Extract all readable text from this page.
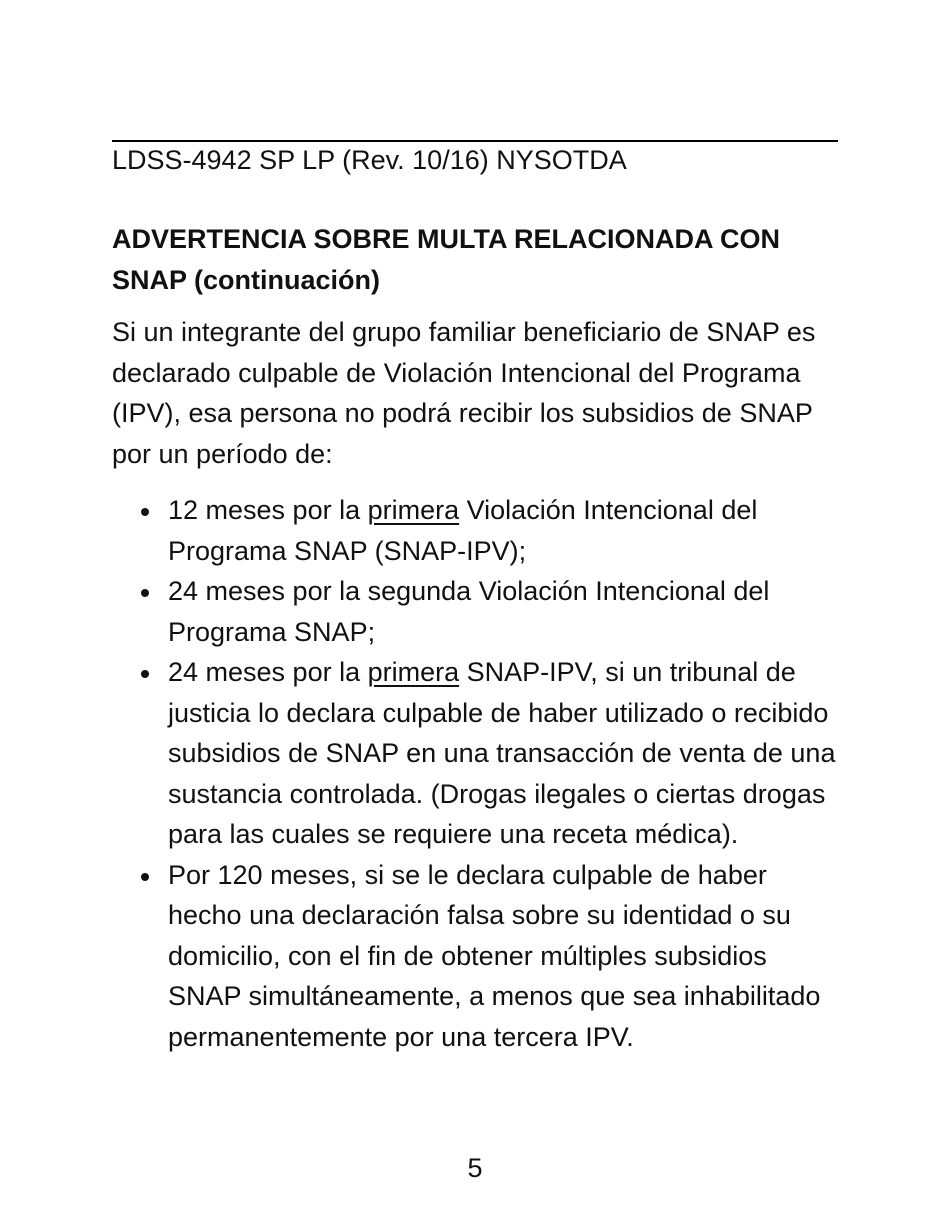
LDSS-4942 SP LP (Rev. 10/16) NYSOTDA
ADVERTENCIA SOBRE MULTA RELACIONADA CON SNAP (continuación)
Si un integrante del grupo familiar beneficiario de SNAP es declarado culpable de Violación Intencional del Programa (IPV), esa persona no podrá recibir los subsidios de SNAP por un período de:
12 meses por la primera Violación Intencional del Programa SNAP (SNAP-IPV);
24 meses por la segunda Violación Intencional del Programa SNAP;
24 meses por la primera SNAP-IPV, si un tribunal de justicia lo declara culpable de haber utilizado o recibido subsidios de SNAP en una transacción de venta de una sustancia controlada. (Drogas ilegales o ciertas drogas para las cuales se requiere una receta médica).
Por 120 meses, si se le declara culpable de haber hecho una declaración falsa sobre su identidad o su domicilio, con el fin de obtener múltiples subsidios SNAP simultáneamente, a menos que sea inhabilitado permanentemente por una tercera IPV.
5
